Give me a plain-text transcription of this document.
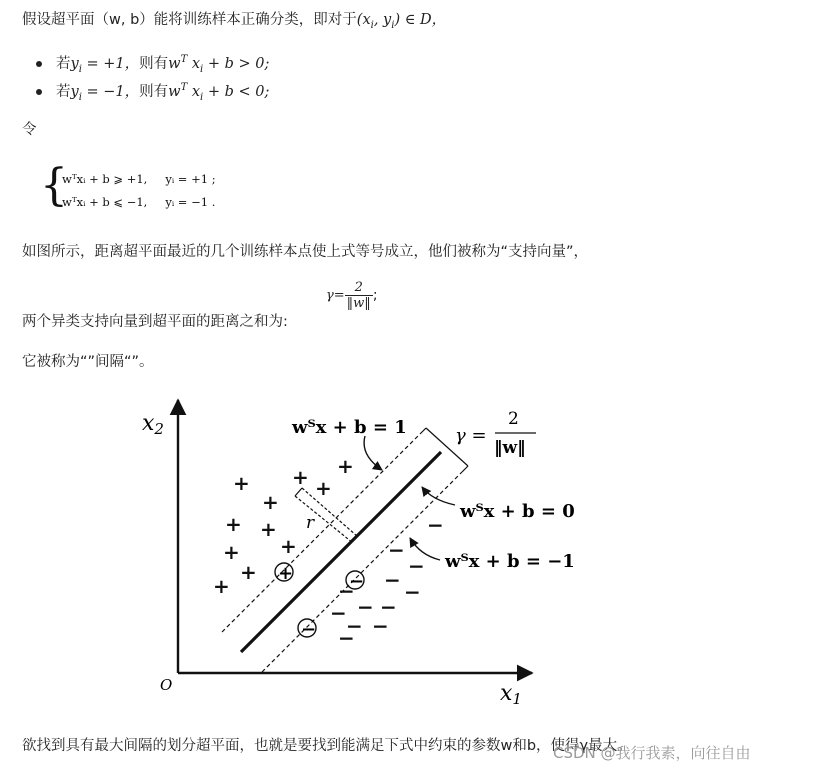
假设超平面（w, b）能将训练样本正确分类，即对于($x_i$, $y_i$) ∈ D，
若$y_i = +1$，则有$w^T$ $x_i + b > 0$;
若$y_i = -1$，则有$w^T$ $x_i + b < 0$;
令
{
wᵀxᵢ + b ⩾ +1, yᵢ = +1 ;
wᵀxᵢ + b ⩽ −1, yᵢ = −1 .
如图所示，距离超平面最近的几个训练样本点使上式等号成立，他们被称为“支持向量”，
两个异类支持向量到超平面的距离之和为:
$\gamma= \frac{2}{‖w‖}$ ;
它被称为“”间隔“”。
x2
x1
O
r
wᵀx + b = 1
wᵀx + b = 0
wᵀx + b = −1
γ =
2
‖w‖
+
+
+ +
+
+ +
+ +
+
+
+
−
−
−
− −
−
− −
−
− −
−
−
−
欲找到具有最大间隔的划分超平面，也就是要找到能满足下式中约束的参数w和b，使得γ最大。
CSDN @我行我素，向往自由
